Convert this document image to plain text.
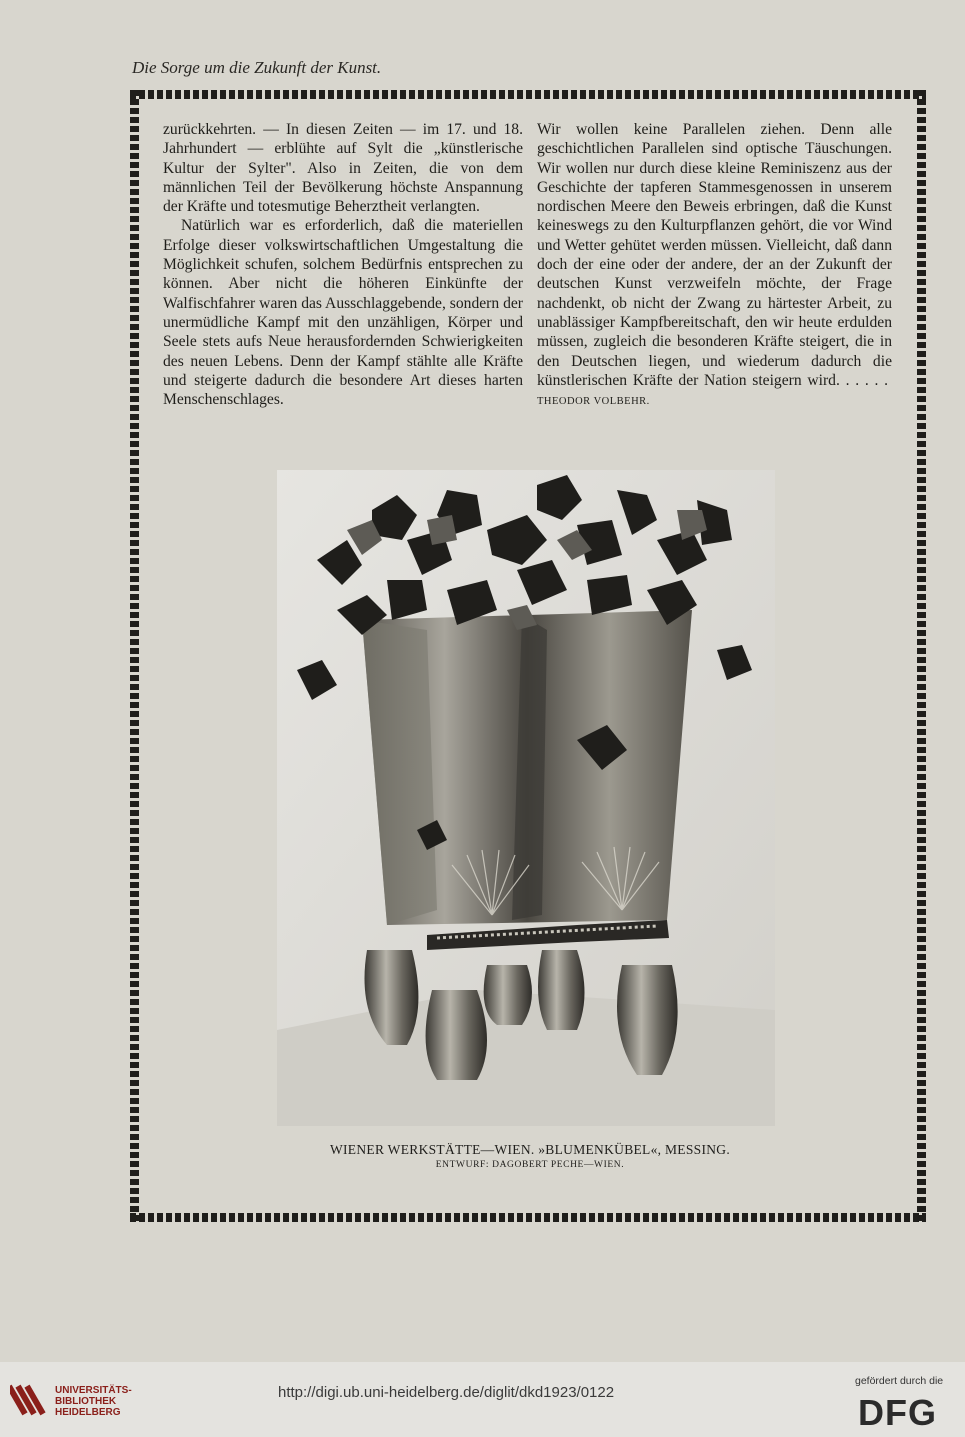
Die Sorge um die Zukunft der Kunst.

zurückkehrten. — In diesen Zeiten — im 17. und 18. Jahrhundert — erblühte auf Sylt die „künstlerische Kultur der Sylter". Also in Zeiten, die von dem männlichen Teil der Bevölkerung höchste Anspannung der Kräfte und totesmutige Beherztheit verlangten.

Natürlich war es erforderlich, daß die materiellen Erfolge dieser volkswirtschaftlichen Umgestaltung die Möglichkeit schufen, solchem Bedürfnis entsprechen zu können. Aber nicht die höheren Einkünfte der Walfischfahrer waren das Ausschlaggebende, sondern der unermüdliche Kampf mit den unzähligen, Körper und Seele stets aufs Neue herausfordernden Schwierigkeiten des neuen Lebens. Denn der Kampf stählte alle Kräfte und steigerte dadurch die besondere Art dieses harten Menschenschlages.

Wir wollen keine Parallelen ziehen. Denn alle geschichtlichen Parallelen sind optische Täuschungen. Wir wollen nur durch diese kleine Reminiszenz aus der Geschichte der tapferen Stammesgenossen in unserem nordischen Meere den Beweis erbringen, daß die Kunst keineswegs zu den Kulturpflanzen gehört, die vor Wind und Wetter gehütet werden müssen. Vielleicht, daß dann doch der eine oder der andere, der an der Zukunft der deutschen Kunst verzweifeln möchte, der Frage nachdenkt, ob nicht der Zwang zu härtester Arbeit, zu unablässiger Kampfbereitschaft, den wir heute erdulden müssen, zugleich die besonderen Kräfte steigert, die in den Deutschen liegen, und wiederum dadurch die künstlerischen Kräfte der Nation steigern wird. . . . . .  THEODOR VOLBEHR.

WIENER WERKSTÄTTE—WIEN. »BLUMENKÜBEL«, MESSING.
ENTWURF: DAGOBERT PECHE—WIEN.
UNIVERSITÄTS-
BIBLIOTHEK
HEIDELBERG
http://digi.ub.uni-heidelberg.de/diglit/dkd1923/0122
gefördert durch die
DFG
